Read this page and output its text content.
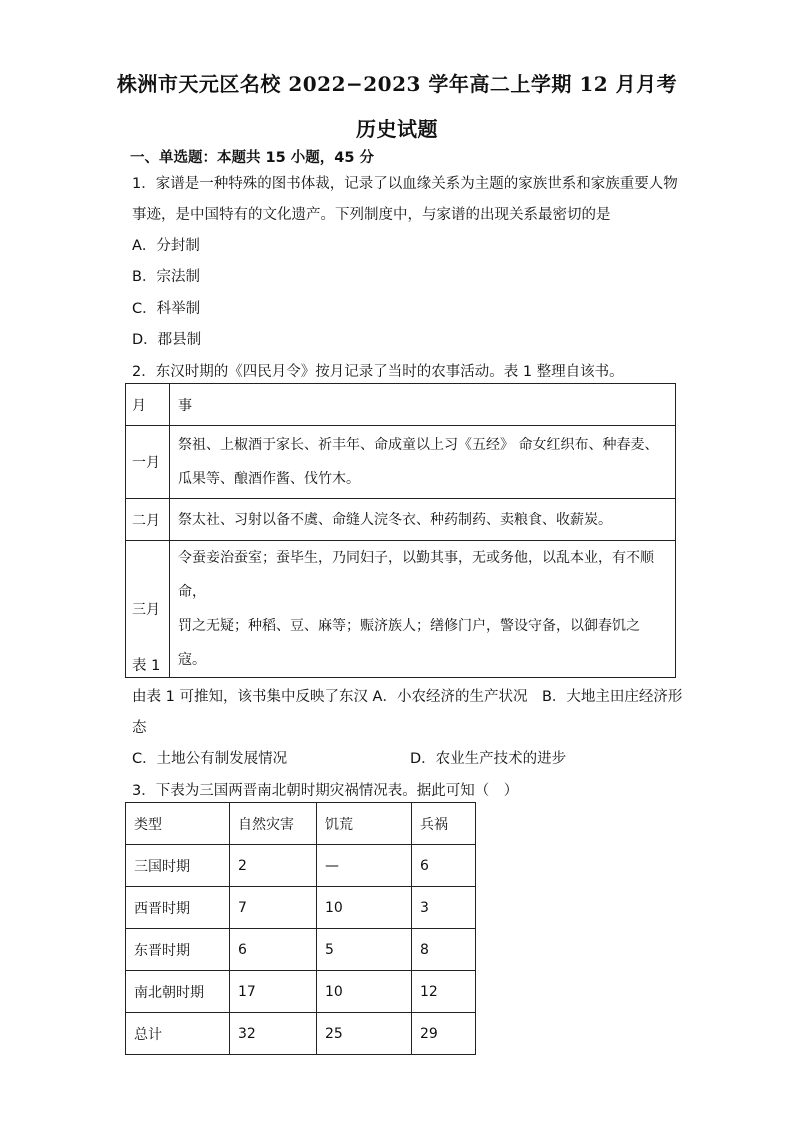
株洲市天元区名校 2022−2023 学年高二上学期 12 月月考
历史试题
一、单选题：本题共 15 小题，45 分
1．家谱是一种特殊的图书体裁，记录了以血缘关系为主题的家族世系和家族重要人物
事迹，是中国特有的文化遗产。下列制度中，与家谱的出现关系最密切的是
A．分封制
B．宗法制
C．科举制
D．郡县制
2．东汉时期的《四民月令》按月记录了当时的农事活动。表 1 整理自该书。
月	事
一月	祭祖、上椒酒于家长、祈丰年、命成童以上习《五经》 命女红织布、种春麦、
瓜果等、酿酒作酱、伐竹木。

二月	祭太社、习射以备不虞、命缝人浣冬衣、种药制药、卖粮食、收薪炭。

三月	令蚕妾治蚕室；蚕毕生，乃同妇子，以勤其事，无或务他，以乱本业，有不顺命，
罚之无疑；种稻、豆、麻等；赈济族人；缮修门户，警设守备，以御春饥之寇。
表 1
由表 1 可推知，该书集中反映了东汉 A．小农经济的生产状况　B．大地主田庄经济形
态
C．土地公有制发展情况	D．农业生产技术的进步
3．下表为三国两晋南北朝时期灾祸情况表。据此可知（　）
类型	自然灾害	饥荒	兵祸
三国时期	2	—	6
西晋时期	7	10	3
东晋时期	6	5	8
南北朝时期	17	10	12
总计	32	25	29
